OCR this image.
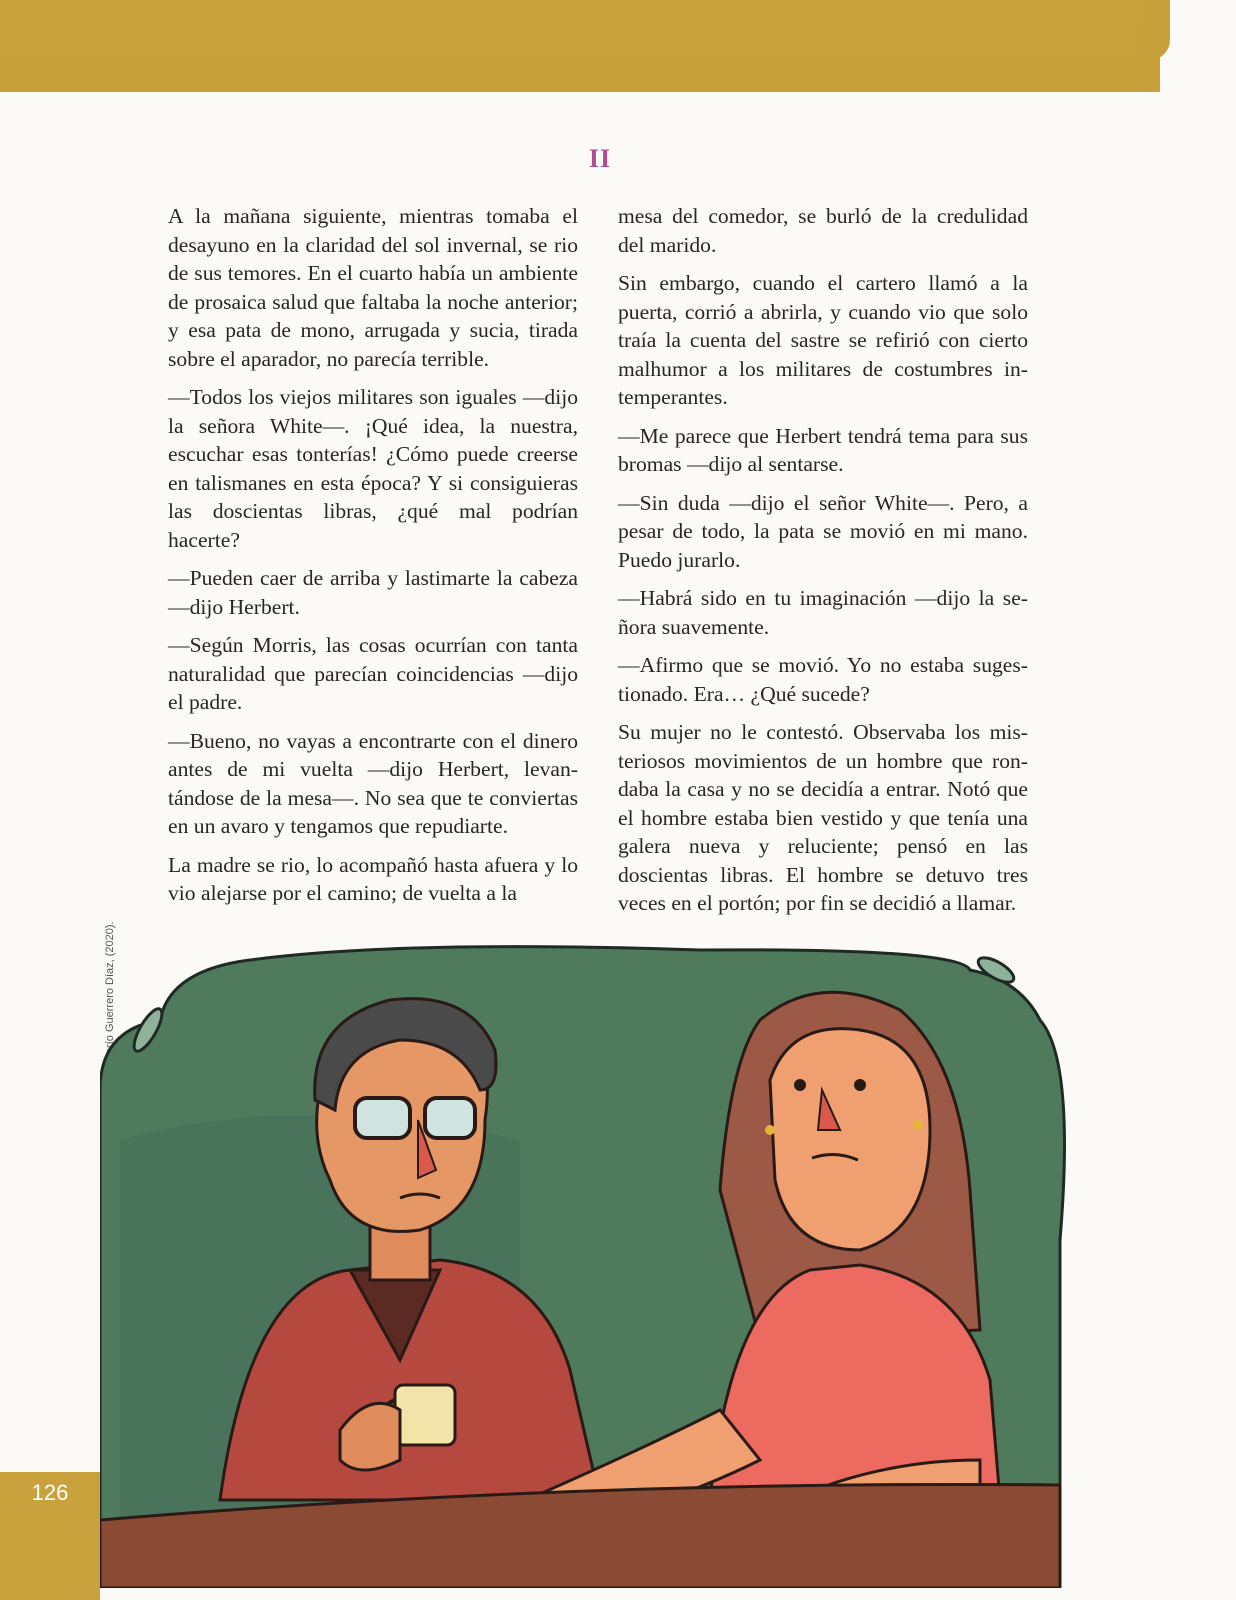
II

A la mañana siguiente, mientras tomaba el desayuno en la claridad del sol invernal, se rio de sus temores. En el cuarto había un ambiente de prosaica salud que faltaba la noche anterior; y esa pata de mono, arrugada y sucia, tirada sobre el aparador, no parecía terrible.

—Todos los viejos militares son iguales —dijo la señora White—. ¡Qué idea, la nuestra, escuchar esas tonterías! ¿Cómo puede creerse en talismanes en esta época? Y si consiguieras las doscientas libras, ¿qué mal podrían hacerte?

—Pueden caer de arriba y lastimarte la cabeza —dijo Herbert.

—Según Morris, las cosas ocurrían con tanta naturalidad que parecían coincidencias —dijo el padre.

—Bueno, no vayas a encontrarte con el dinero antes de mi vuelta —dijo Herbert, levantándose de la mesa—. No sea que te conviertas en un avaro y tengamos que repudiarte.

La madre se rio, lo acompañó hasta afuera y lo vio alejarse por el camino; de vuelta a la

mesa del comedor, se burló de la credulidad del marido.

Sin embargo, cuando el cartero llamó a la puerta, corrió a abrirla, y cuando vio que solo traía la cuenta del sastre se refirió con cierto malhumor a los militares de costumbres intemperantes.

—Me parece que Herbert tendrá tema para sus bromas —dijo al sentarse.

—Sin duda —dijo el señor White—. Pero, a pesar de todo, la pata se movió en mi mano. Puedo jurarlo.

—Habrá sido en tu imaginación —dijo la señora suavemente.

—Afirmo que se movió. Yo no estaba sugestionado. Era… ¿Qué sucede?

Su mujer no le contestó. Observaba los misteriosos movimientos de un hombre que rondaba la casa y no se decidía a entrar. Notó que el hombre estaba bien vestido y que tenía una galera nueva y reluciente; pensó en las doscientas libras. El hombre se detuvo tres veces en el portón; por fin se decidió a llamar.

Darío Guerrero Díaz, (2020).
126
